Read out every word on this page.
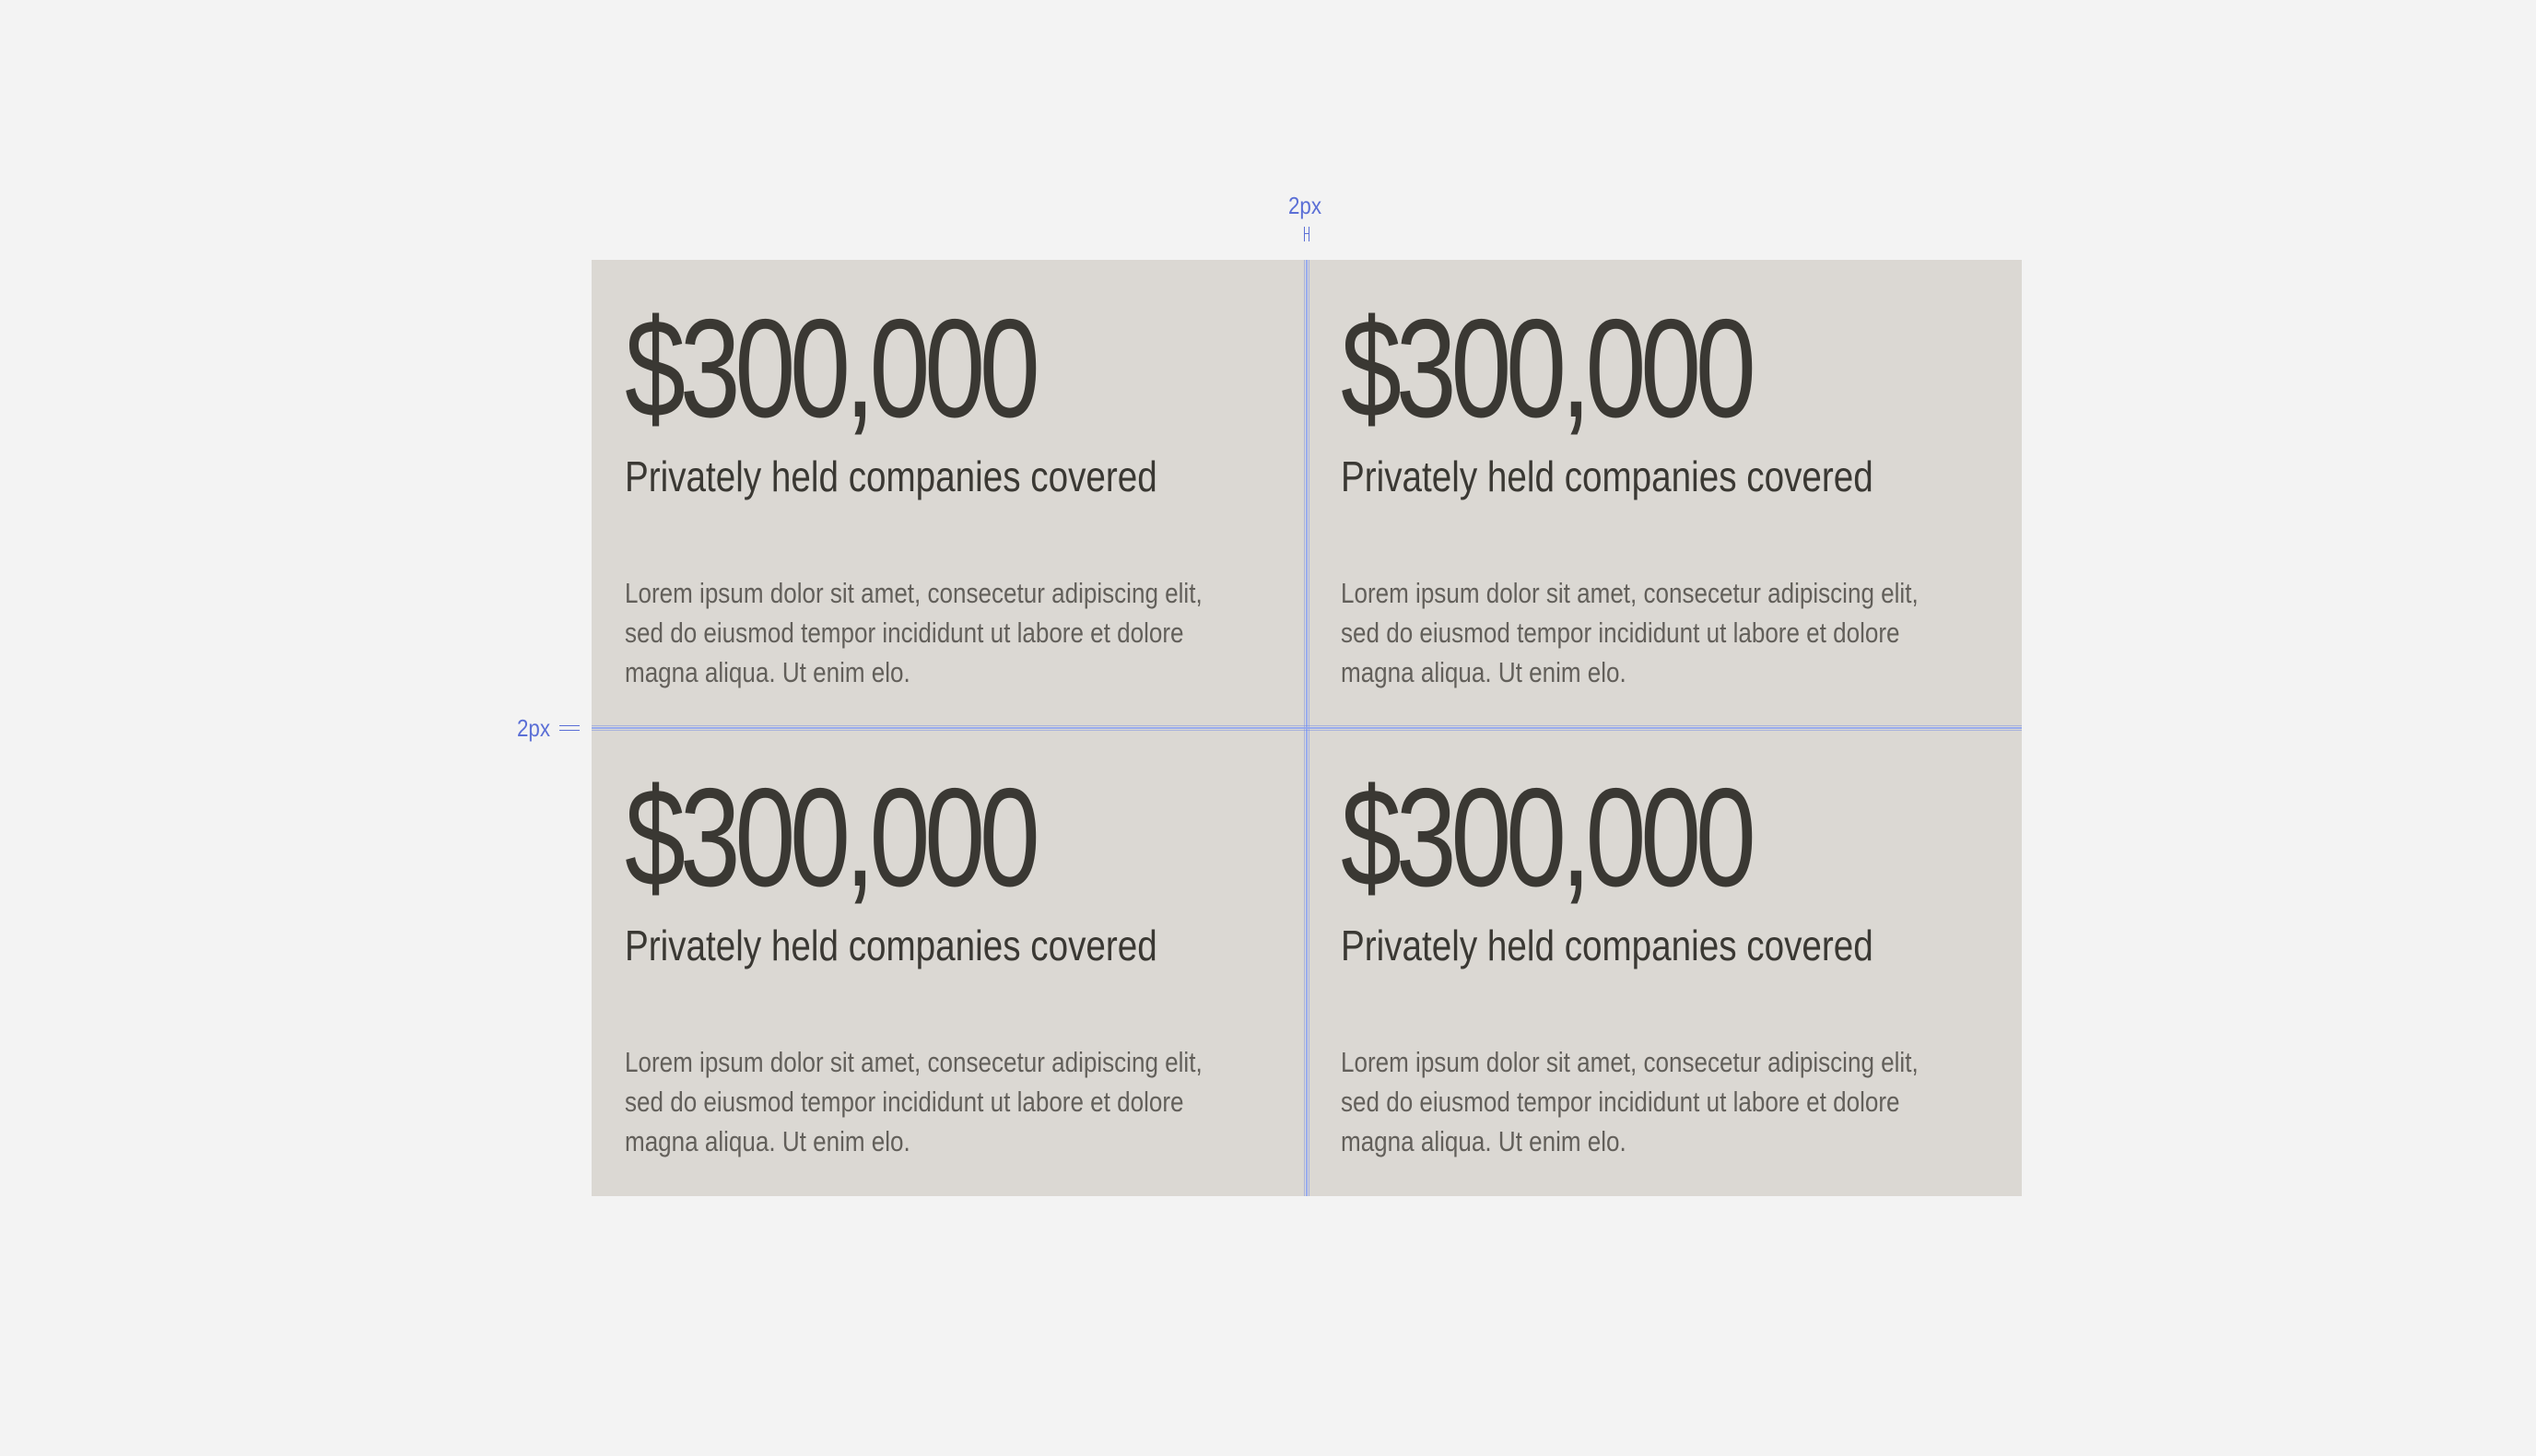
$300,000

Privately held companies covered

Lorem ipsum dolor sit amet, consecetur adipiscing elit, sed do eiusmod tempor incididunt ut labore et dolore magna aliqua. Ut enim elo.

$300,000

Privately held companies covered

Lorem ipsum dolor sit amet, consecetur adipiscing elit, sed do eiusmod tempor incididunt ut labore et dolore magna aliqua. Ut enim elo.

$300,000

Privately held companies covered

Lorem ipsum dolor sit amet, consecetur adipiscing elit, sed do eiusmod tempor incididunt ut labore et dolore magna aliqua. Ut enim elo.

$300,000

Privately held companies covered

Lorem ipsum dolor sit amet, consecetur adipiscing elit, sed do eiusmod tempor incididunt ut labore et dolore magna aliqua. Ut enim elo.

2px
2px
